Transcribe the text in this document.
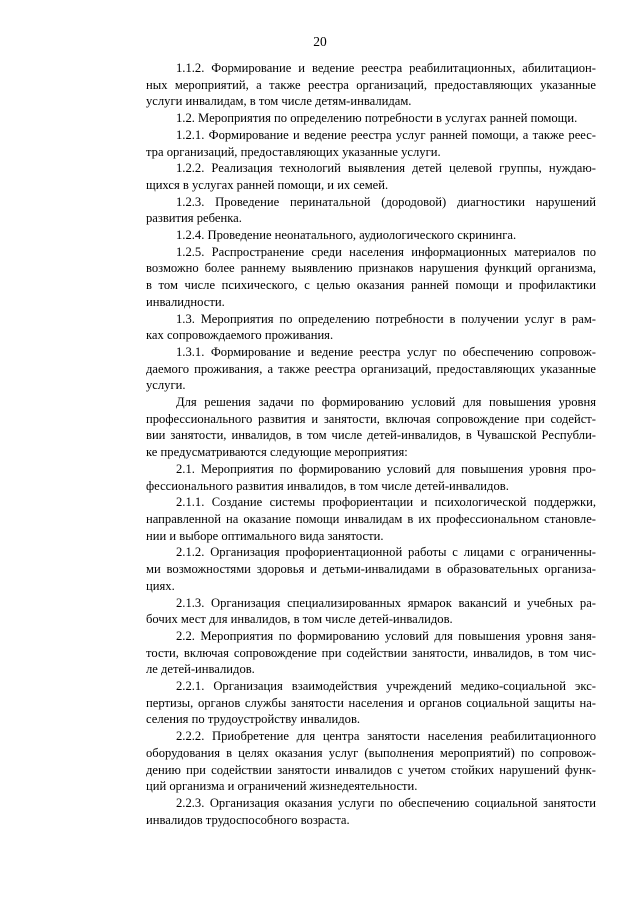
20
1.1.2. Формирование и ведение реестра реабилитационных, абилитацион-
ных мероприятий, а также реестра организаций, предоставляющих указанные
услуги инвалидам, в том числе детям-инвалидам.
1.2. Мероприятия по определению потребности в услугах ранней помощи.
1.2.1. Формирование и ведение реестра услуг ранней помощи, а также реес-
тра организаций, предоставляющих указанные услуги.
1.2.2. Реализация технологий выявления детей целевой группы, нуждаю-
щихся в услугах ранней помощи, и их семей.
1.2.3. Проведение перинатальной (дородовой) диагностики нарушений
развития ребенка.
1.2.4. Проведение неонатального, аудиологического скрининга.
1.2.5. Распространение среди населения информационных материалов по
возможно более раннему выявлению признаков нарушения функций организма,
в том числе психического, с целью оказания ранней помощи и профилактики
инвалидности.
1.3. Мероприятия по определению потребности в получении услуг в рам-
ках сопровождаемого проживания.
1.3.1. Формирование и ведение реестра услуг по обеспечению сопровож-
даемого проживания, а также реестра организаций, предоставляющих указанные
услуги.
Для решения задачи по формированию условий для повышения уровня
профессионального развития и занятости, включая сопровождение при содейст-
вии занятости, инвалидов, в том числе детей-инвалидов, в Чувашской Республи-
ке предусматриваются следующие мероприятия:
2.1. Мероприятия по формированию условий для повышения уровня про-
фессионального развития инвалидов, в том числе детей-инвалидов.
2.1.1. Создание системы профориентации и психологической поддержки,
направленной на оказание помощи инвалидам в их профессиональном становле-
нии и выборе оптимального вида занятости.
2.1.2. Организация профориентационной работы с лицами с ограниченны-
ми возможностями здоровья и детьми-инвалидами в образовательных организа-
циях.
2.1.3. Организация специализированных ярмарок вакансий и учебных ра-
бочих мест для инвалидов, в том числе детей-инвалидов.
2.2. Мероприятия по формированию условий для повышения уровня заня-
тости, включая сопровождение при содействии занятости, инвалидов, в том чис-
ле детей-инвалидов.
2.2.1. Организация взаимодействия учреждений медико-социальной экс-
пертизы, органов службы занятости населения и органов социальной защиты на-
селения по трудоустройству инвалидов.
2.2.2. Приобретение для центра занятости населения реабилитационного
оборудования в целях оказания услуг (выполнения мероприятий) по сопровож-
дению при содействии занятости инвалидов с учетом стойких нарушений функ-
ций организма и ограничений жизнедеятельности.
2.2.3. Организация оказания услуги по обеспечению социальной занятости
инвалидов трудоспособного возраста.
